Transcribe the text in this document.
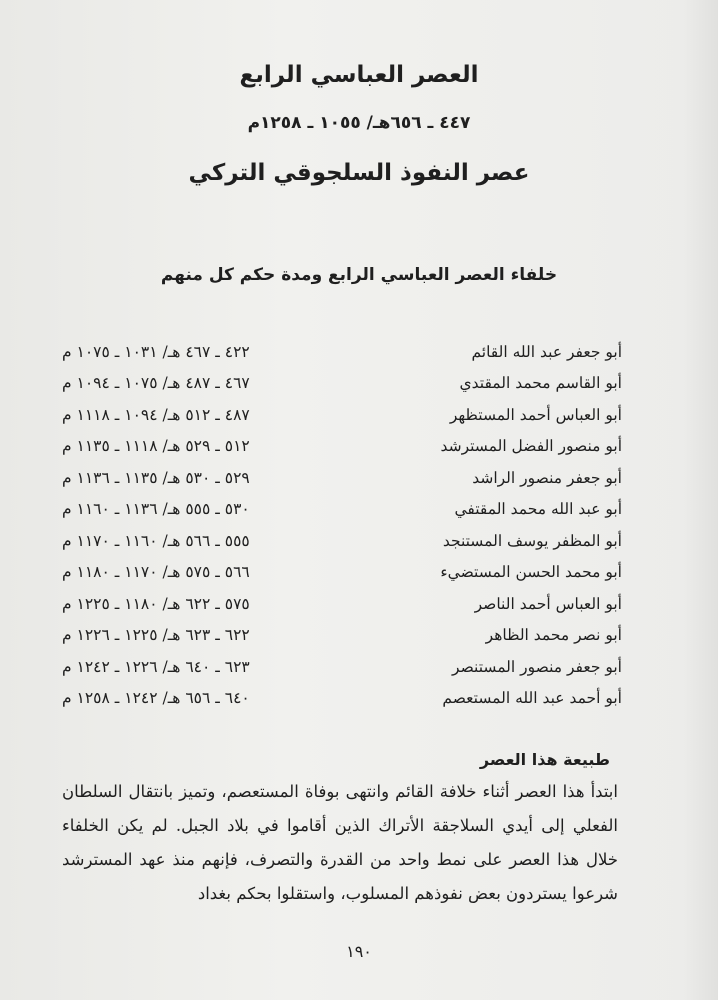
العصر العباسي الرابع
٤٤٧ ـ ٦٥٦هـ/ ١٠٥٥ ـ ١٢٥٨م
عصر النفوذ السلجوقي التركي
خلفاء العصر العباسي الرابع ومدة حكم كل منهم
أبو جعفر عبد الله القائم
٤٢٢ ـ ٤٦٧ هـ/ ١٠٣١ ـ ١٠٧٥ م
أبو القاسم محمد المقتدي
٤٦٧ ـ ٤٨٧ هـ/ ١٠٧٥ ـ ١٠٩٤ م
أبو العباس أحمد المستظهر
٤٨٧ ـ ٥١٢ هـ/ ١٠٩٤ ـ ١١١٨ م
أبو منصور الفضل المسترشد
٥١٢ ـ ٥٢٩ هـ/ ١١١٨ ـ ١١٣٥ م
أبو جعفر منصور الراشد
٥٢٩ ـ ٥٣٠ هـ/ ١١٣٥ ـ ١١٣٦ م
أبو عبد الله محمد المقتفي
٥٣٠ ـ ٥٥٥ هـ/ ١١٣٦ ـ ١١٦٠ م
أبو المظفر يوسف المستنجد
٥٥٥ ـ ٥٦٦ هـ/ ١١٦٠ ـ ١١٧٠ م
أبو محمد الحسن المستضيء
٥٦٦ ـ ٥٧٥ هـ/ ١١٧٠ ـ ١١٨٠ م
أبو العباس أحمد الناصر
٥٧٥ ـ ٦٢٢ هـ/ ١١٨٠ ـ ١٢٢٥ م
أبو نصر محمد الظاهر
٦٢٢ ـ ٦٢٣ هـ/ ١٢٢٥ ـ ١٢٢٦ م
أبو جعفر منصور المستنصر
٦٢٣ ـ ٦٤٠ هـ/ ١٢٢٦ ـ ١٢٤٢ م
أبو أحمد عبد الله المستعصم
٦٤٠ ـ ٦٥٦ هـ/ ١٢٤٢ ـ ١٢٥٨ م
طبيعة هذا العصر
ابتدأ هذا العصر أثناء خلافة القائم وانتهى بوفاة المستعصم، وتميز بانتقال السلطان الفعلي إلى أيدي السلاجقة الأتراك الذين أقاموا في بلاد الجبل. لم يكن الخلفاء خلال هذا العصر على نمط واحد من القدرة والتصرف، فإنهم منذ عهد المسترشد شرعوا يستردون بعض نفوذهم المسلوب، واستقلوا بحكم بغداد
١٩٠
